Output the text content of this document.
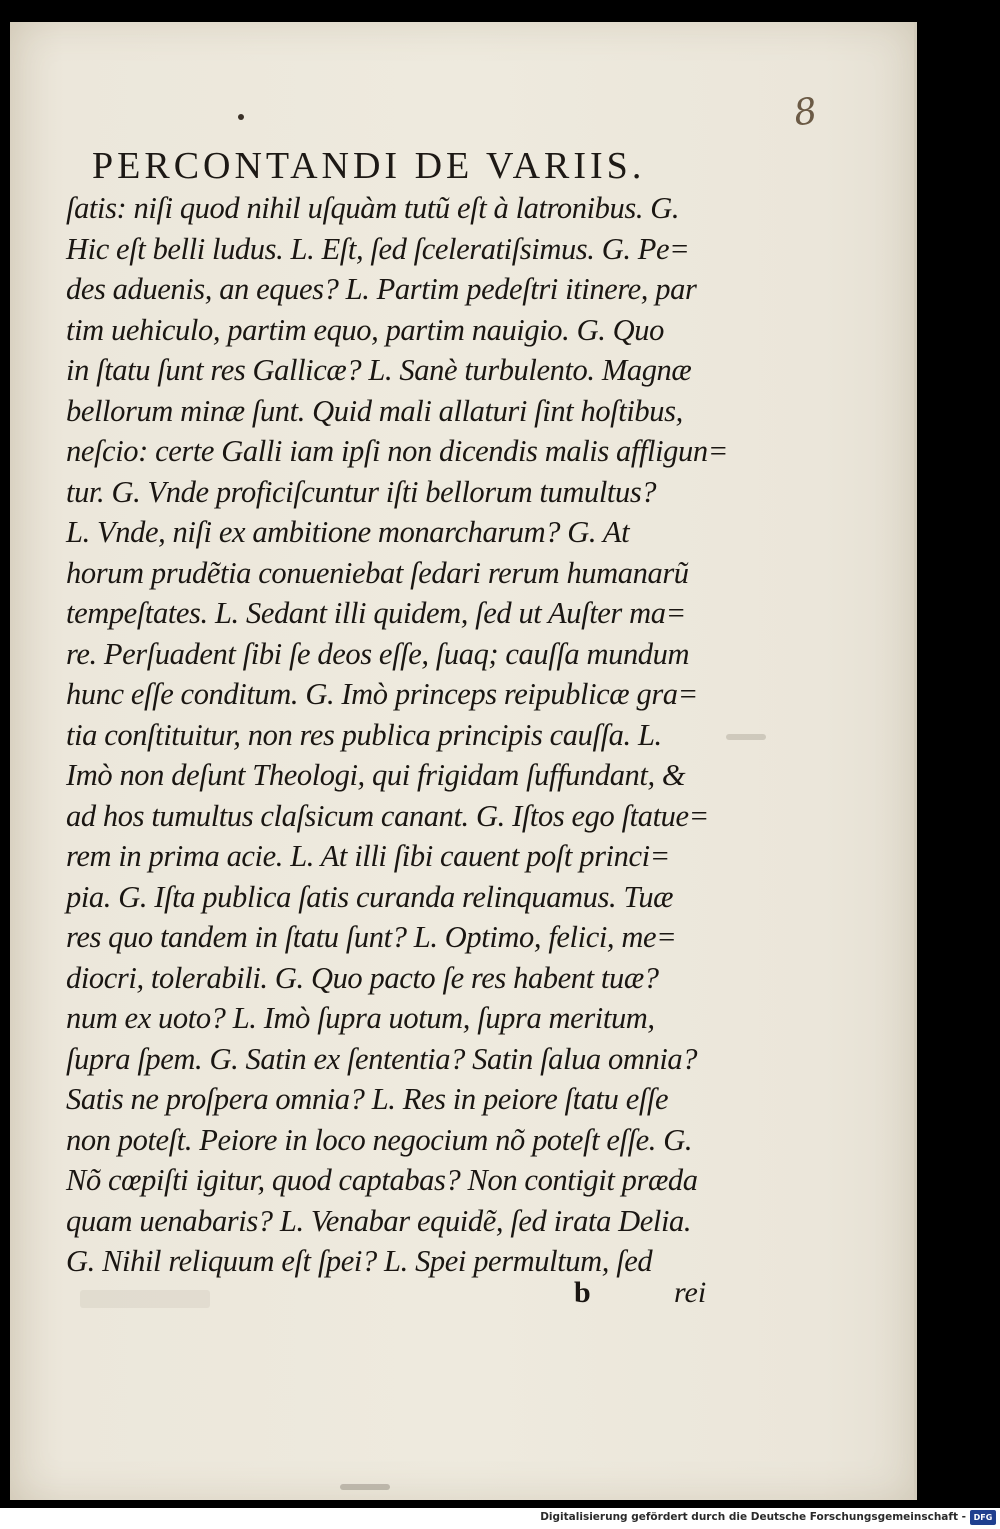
8
PERCONTANDI DE VARIIS.
ſatis: niſi quod nihil uſquàm tutũ eſt à latronibus. G.
Hic eſt belli ludus. L. Eſt, ſed ſceleratiſsimus. G. Pe=
des aduenis, an eques? L. Partim pedeſtri itinere, par
tim uehiculo, partim equo, partim nauigio. G. Quo
in ſtatu ſunt res Gallicæ? L. Sanè turbulento. Magnæ
bellorum minæ ſunt. Quid mali allaturi ſint hoſtibus,
neſcio: certe Galli iam ipſi non dicendis malis affligun=
tur. G. Vnde proficiſcuntur iſti bellorum tumultus?
L. Vnde, niſi ex ambitione monarcharum? G. At
horum prudẽtia conueniebat ſedari rerum humanarũ
tempeſtates. L. Sedant illi quidem, ſed ut Auſter ma=
re. Perſuadent ſibi ſe deos eſſe, ſuaq; cauſſa mundum
hunc eſſe conditum. G. Imò princeps reipublicæ gra=
tia conſtituitur, non res publica principis cauſſa. L.
Imò non deſunt Theologi, qui frigidam ſuffundant, &
ad hos tumultus claſsicum canant. G. Iſtos ego ſtatue=
rem in prima acie. L. At illi ſibi cauent poſt princi=
pia. G. Iſta publica ſatis curanda relinquamus. Tuæ
res quo tandem in ſtatu ſunt? L. Optimo, felici, me=
diocri, tolerabili. G. Quo pacto ſe res habent tuæ?
num ex uoto? L. Imò ſupra uotum, ſupra meritum,
ſupra ſpem. G. Satin ex ſententia? Satin ſalua omnia?
Satis ne proſpera omnia? L. Res in peiore ſtatu eſſe
non poteſt. Peiore in loco negocium nõ poteſt eſſe. G.
Nõ cœpiſti igitur, quod captabas? Non contigit præda
quam uenabaris? L. Venabar equidẽ, ſed irata Delia.
G. Nihil reliquum eſt ſpei? L. Spei permultum, ſed
b	rei
Digitalisierung gefördert durch die Deutsche Forschungsgemeinschaft - DFG
